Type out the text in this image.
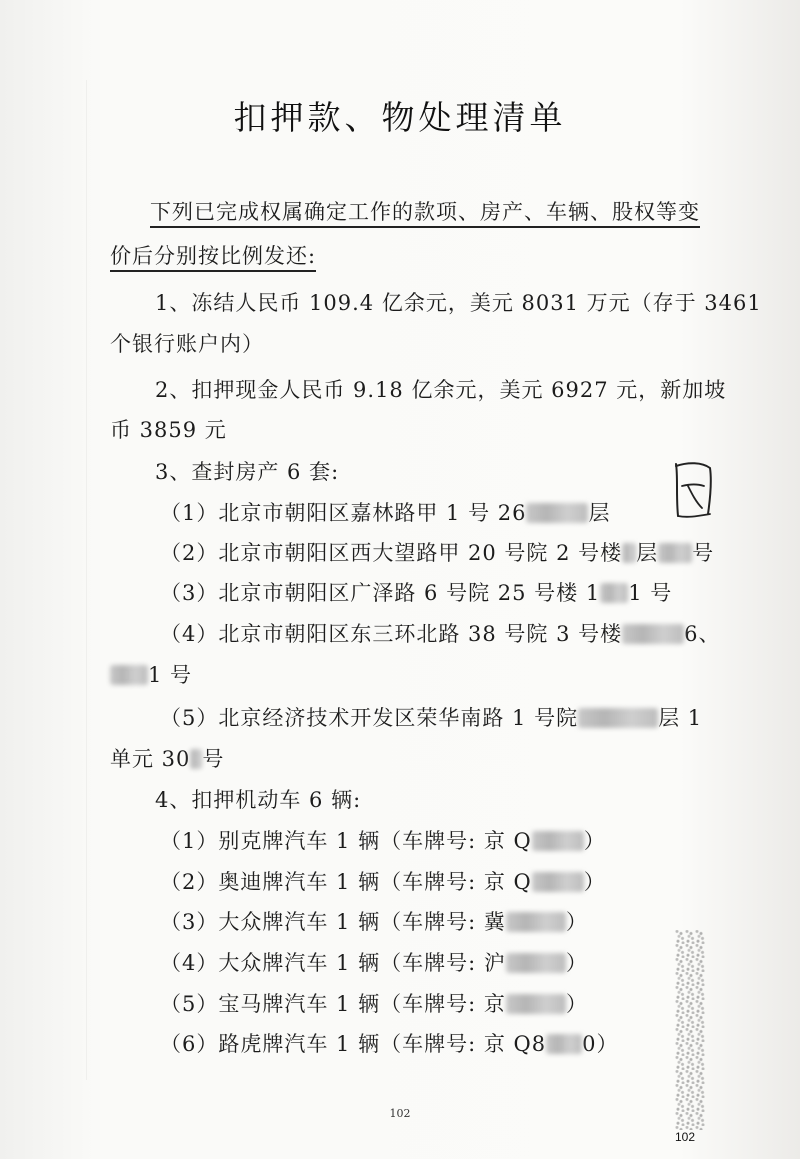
扣押款、物处理清单
下列已完成权属确定工作的款项、房产、车辆、股权等变
价后分别按比例发还:
1、冻结人民币 109.4 亿余元，美元 8031 万元（存于 3461
个银行账户内）
2、扣押现金人民币 9.18 亿余元，美元 6927 元，新加坡
币 3859 元
3、查封房产 6 套:
（1）北京市朝阳区嘉林路甲 1 号 26	层
（2）北京市朝阳区西大望路甲 20 号院 2 号楼 层 号
（3）北京市朝阳区广泽路 6 号院 25 号楼 1 1 号
（4）北京市朝阳区东三环北路 38 号院 3 号楼	6、
1 号
（5）北京经济技术开发区荣华南路 1 号院	层 1
单元 30 号
4、扣押机动车 6 辆:
（1）别克牌汽车 1 辆（车牌号: 京 Q ）
（2）奥迪牌汽车 1 辆（车牌号: 京 Q ）
（3）大众牌汽车 1 辆（车牌号: 冀	）
（4）大众牌汽车 1 辆（车牌号: 沪	）
（5）宝马牌汽车 1 辆（车牌号: 京	）
（6）路虎牌汽车 1 辆（车牌号: 京 Q8 0）
102
102
